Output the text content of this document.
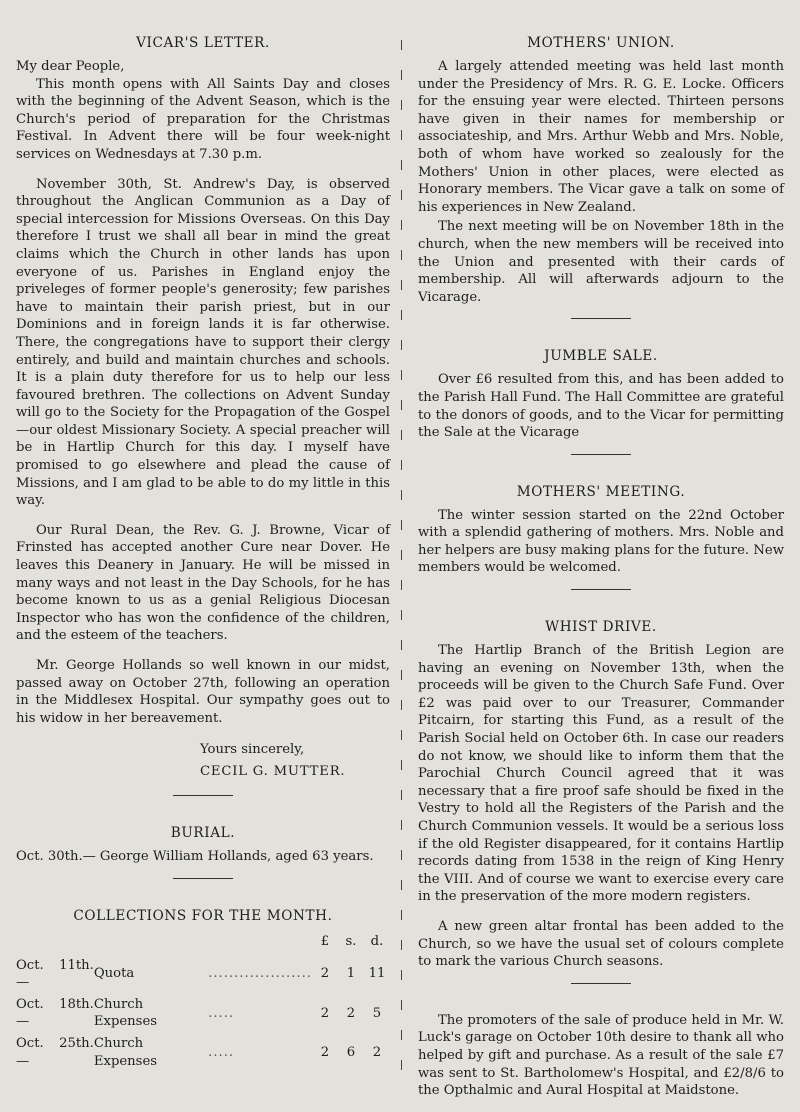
VICAR'S LETTER.

My dear People,

This month opens with All Saints Day and closes with the beginning of the Advent Season, which is the Church's period of preparation for the Christmas Festival. In Advent there will be four week-night services on Wednesdays at 7.30 p.m.

November 30th, St. Andrew's Day, is observed throughout the Anglican Communion as a Day of special intercession for Missions Overseas. On this Day therefore I trust we shall all bear in mind the great claims which the Church in other lands has upon everyone of us. Parishes in England enjoy the priveleges of former people's generosity; few parishes have to maintain their parish priest, but in our Dominions and in foreign lands it is far otherwise. There, the congregations have to support their clergy entirely, and build and maintain churches and schools. It is a plain duty therefore for us to help our less favoured brethren. The collections on Advent Sunday will go to the Society for the Propagation of the Gospel—our oldest Missionary Society. A special preacher will be in Hartlip Church for this day. I myself have promised to go elsewhere and plead the cause of Missions, and I am glad to be able to do my little in this way.

Our Rural Dean, the Rev. G. J. Browne, Vicar of Frinsted has accepted another Cure near Dover. He leaves this Deanery in January. He will be missed in many ways and not least in the Day Schools, for he has become known to us as a genial Religious Diocesan Inspector who has won the confidence of the children, and the esteem of the teachers.

Mr. George Hollands so well known in our midst, passed away on October 27th, following an operation in the Middlesex Hospital. Our sympathy goes out to his widow in her bereavement.

Yours sincerely,
CECIL G. MUTTER.
BURIAL.
Oct. 30th.— George William Hollands, aged 63 years.
COLLECTIONS FOR THE MONTH.
			£	s.	d.
Oct. 11th.—	Quota	....................	2	1	11
Oct. 18th.—	Church Expenses	.....	2	2	5
Oct. 25th.—	Church Expenses	.....	2	6	2
MOTHERS' UNION.

A largely attended meeting was held last month under the Presidency of Mrs. R. G. E. Locke. Officers for the ensuing year were elected. Thirteen persons have given in their names for membership or associateship, and Mrs. Arthur Webb and Mrs. Noble, both of whom have worked so zealously for the Mothers' Union in other places, were elected as Honorary members. The Vicar gave a talk on some of his experiences in New Zealand.

The next meeting will be on November 18th in the church, when the new members will be received into the Union and presented with their cards of membership. All will afterwards adjourn to the Vicarage.

JUMBLE SALE.

Over £6 resulted from this, and has been added to the Parish Hall Fund. The Hall Committee are grateful to the donors of goods, and to the Vicar for permitting the Sale at the Vicarage

MOTHERS' MEETING.

The winter session started on the 22nd October with a splendid gathering of mothers. Mrs. Noble and her helpers are busy making plans for the future. New members would be welcomed.

WHIST DRIVE.

The Hartlip Branch of the British Legion are having an evening on November 13th, when the proceeds will be given to the Church Safe Fund. Over £2 was paid over to our Treasurer, Commander Pitcairn, for starting this Fund, as a result of the Parish Social held on October 6th. In case our readers do not know, we should like to inform them that the Parochial Church Council agreed that it was necessary that a fire proof safe should be fixed in the Vestry to hold all the Registers of the Parish and the Church Communion vessels. It would be a serious loss if the old Register disappeared, for it contains Hartlip records dating from 1538 in the reign of King Henry the VIII. And of course we want to exercise every care in the preservation of the more modern registers.

A new green altar frontal has been added to the Church, so we have the usual set of colours complete to mark the various Church seasons.

The promoters of the sale of produce held in Mr. W. Luck's garage on October 10th desire to thank all who helped by gift and purchase. As a result of the sale £7 was sent to St. Bartholomew's Hospital, and £2/8/6 to the Opthalmic and Aural Hospital at Maidstone.
